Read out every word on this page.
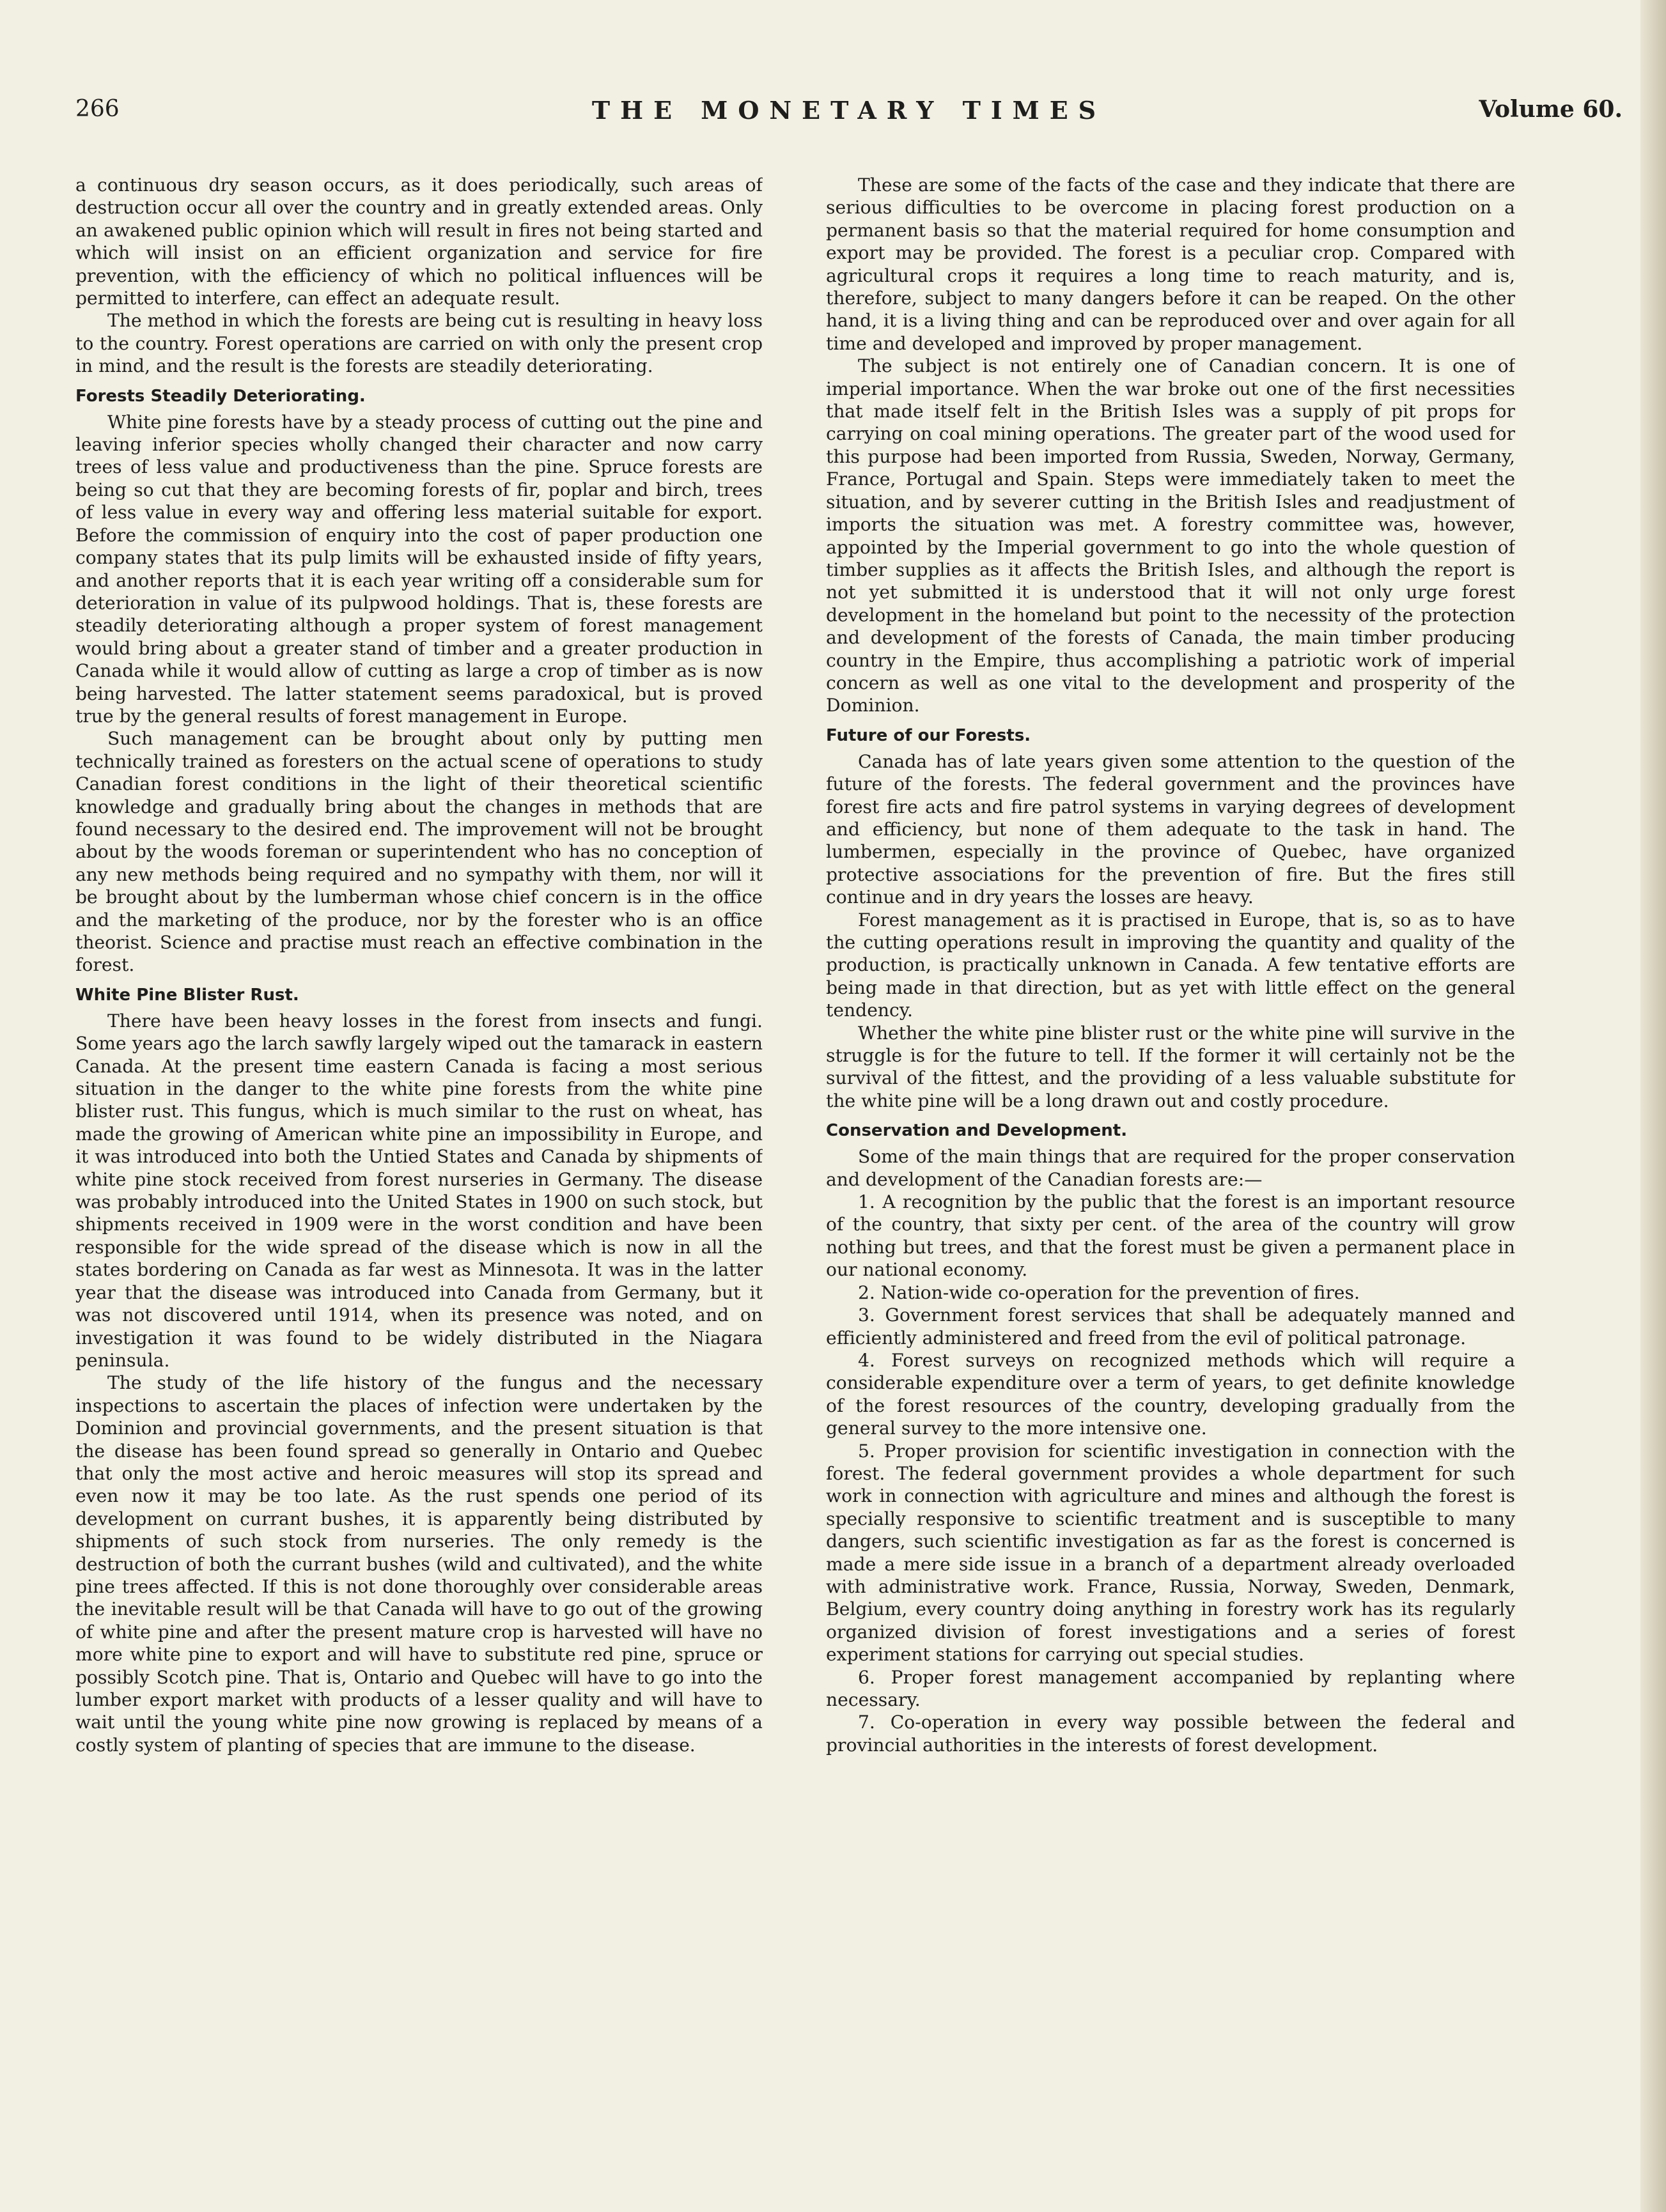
266	THE MONETARY TIMES	Volume 60.

a continuous dry season occurs, as it does periodically, such areas of destruction occur all over the country and in greatly extended areas. Only an awakened public opinion which will result in fires not being started and which will insist on an efficient organization and service for fire prevention, with the efficiency of which no political influences will be permitted to interfere, can effect an adequate result.

The method in which the forests are being cut is resulting in heavy loss to the country. Forest operations are carried on with only the present crop in mind, and the result is the forests are steadily deteriorating.

Forests Steadily Deteriorating.

White pine forests have by a steady process of cutting out the pine and leaving inferior species wholly changed their character and now carry trees of less value and productiveness than the pine. Spruce forests are being so cut that they are becoming forests of fir, poplar and birch, trees of less value in every way and offering less material suitable for export. Before the commission of enquiry into the cost of paper production one company states that its pulp limits will be exhausted inside of fifty years, and another reports that it is each year writing off a considerable sum for deterioration in value of its pulpwood holdings. That is, these forests are steadily deteriorating although a proper system of forest management would bring about a greater stand of timber and a greater production in Canada while it would allow of cutting as large a crop of timber as is now being harvested. The latter statement seems paradoxical, but is proved true by the general results of forest management in Europe.

Such management can be brought about only by putting men technically trained as foresters on the actual scene of operations to study Canadian forest conditions in the light of their theoretical scientific knowledge and gradually bring about the changes in methods that are found necessary to the desired end. The improvement will not be brought about by the woods foreman or superintendent who has no conception of any new methods being required and no sympathy with them, nor will it be brought about by the lumberman whose chief concern is in the office and the marketing of the produce, nor by the forester who is an office theorist. Science and practise must reach an effective combination in the forest.

White Pine Blister Rust.

There have been heavy losses in the forest from insects and fungi. Some years ago the larch sawfly largely wiped out the tamarack in eastern Canada. At the present time eastern Canada is facing a most serious situation in the danger to the white pine forests from the white pine blister rust. This fungus, which is much similar to the rust on wheat, has made the growing of American white pine an impossibility in Europe, and it was introduced into both the Untied States and Canada by shipments of white pine stock received from forest nurseries in Germany. The disease was probably introduced into the United States in 1900 on such stock, but shipments received in 1909 were in the worst condition and have been responsible for the wide spread of the disease which is now in all the states bordering on Canada as far west as Minnesota. It was in the latter year that the disease was introduced into Canada from Germany, but it was not discovered until 1914, when its presence was noted, and on investigation it was found to be widely distributed in the Niagara peninsula.

The study of the life history of the fungus and the necessary inspections to ascertain the places of infection were undertaken by the Dominion and provincial governments, and the present situation is that the disease has been found spread so generally in Ontario and Quebec that only the most active and heroic measures will stop its spread and even now it may be too late. As the rust spends one period of its development on currant bushes, it is apparently being distributed by shipments of such stock from nurseries. The only remedy is the destruction of both the currant bushes (wild and cultivated), and the white pine trees affected. If this is not done thoroughly over considerable areas the inevitable result will be that Canada will have to go out of the growing of white pine and after the present mature crop is harvested will have no more white pine to export and will have to substitute red pine, spruce or possibly Scotch pine. That is, Ontario and Quebec will have to go into the lumber export market with products of a lesser quality and will have to wait until the young white pine now growing is replaced by means of a costly system of planting of species that are immune to the disease.

These are some of the facts of the case and they indicate that there are serious difficulties to be overcome in placing forest production on a permanent basis so that the material required for home consumption and export may be provided. The forest is a peculiar crop. Compared with agricultural crops it requires a long time to reach maturity, and is, therefore, subject to many dangers before it can be reaped. On the other hand, it is a living thing and can be reproduced over and over again for all time and developed and improved by proper management.

The subject is not entirely one of Canadian concern. It is one of imperial importance. When the war broke out one of the first necessities that made itself felt in the British Isles was a supply of pit props for carrying on coal mining operations. The greater part of the wood used for this purpose had been imported from Russia, Sweden, Norway, Germany, France, Portugal and Spain. Steps were immediately taken to meet the situation, and by severer cutting in the British Isles and readjustment of imports the situation was met. A forestry committee was, however, appointed by the Imperial government to go into the whole question of timber supplies as it affects the British Isles, and although the report is not yet submitted it is understood that it will not only urge forest development in the homeland but point to the necessity of the protection and development of the forests of Canada, the main timber producing country in the Empire, thus accomplishing a patriotic work of imperial concern as well as one vital to the development and prosperity of the Dominion.

Future of our Forests.

Canada has of late years given some attention to the question of the future of the forests. The federal government and the provinces have forest fire acts and fire patrol systems in varying degrees of development and efficiency, but none of them adequate to the task in hand. The lumbermen, especially in the province of Quebec, have organized protective associations for the prevention of fire. But the fires still continue and in dry years the losses are heavy.

Forest management as it is practised in Europe, that is, so as to have the cutting operations result in improving the quantity and quality of the production, is practically unknown in Canada. A few tentative efforts are being made in that direction, but as yet with little effect on the general tendency.

Whether the white pine blister rust or the white pine will survive in the struggle is for the future to tell. If the former it will certainly not be the survival of the fittest, and the providing of a less valuable substitute for the white pine will be a long drawn out and costly procedure.

Conservation and Development.

Some of the main things that are required for the proper conservation and development of the Canadian forests are:—

1. A recognition by the public that the forest is an important resource of the country, that sixty per cent. of the area of the country will grow nothing but trees, and that the forest must be given a permanent place in our national economy.

2. Nation-wide co-operation for the prevention of fires.

3. Government forest services that shall be adequately manned and efficiently administered and freed from the evil of political patronage.

4. Forest surveys on recognized methods which will require a considerable expenditure over a term of years, to get definite knowledge of the forest resources of the country, developing gradually from the general survey to the more intensive one.

5. Proper provision for scientific investigation in connection with the forest. The federal government provides a whole department for such work in connection with agriculture and mines and although the forest is specially responsive to scientific treatment and is susceptible to many dangers, such scientific investigation as far as the forest is concerned is made a mere side issue in a branch of a department already overloaded with administrative work. France, Russia, Norway, Sweden, Denmark, Belgium, every country doing anything in forestry work has its regularly organized division of forest investigations and a series of forest experiment stations for carrying out special studies.

6. Proper forest management accompanied by replanting where necessary.

7. Co-operation in every way possible between the federal and provincial authorities in the interests of forest development.
